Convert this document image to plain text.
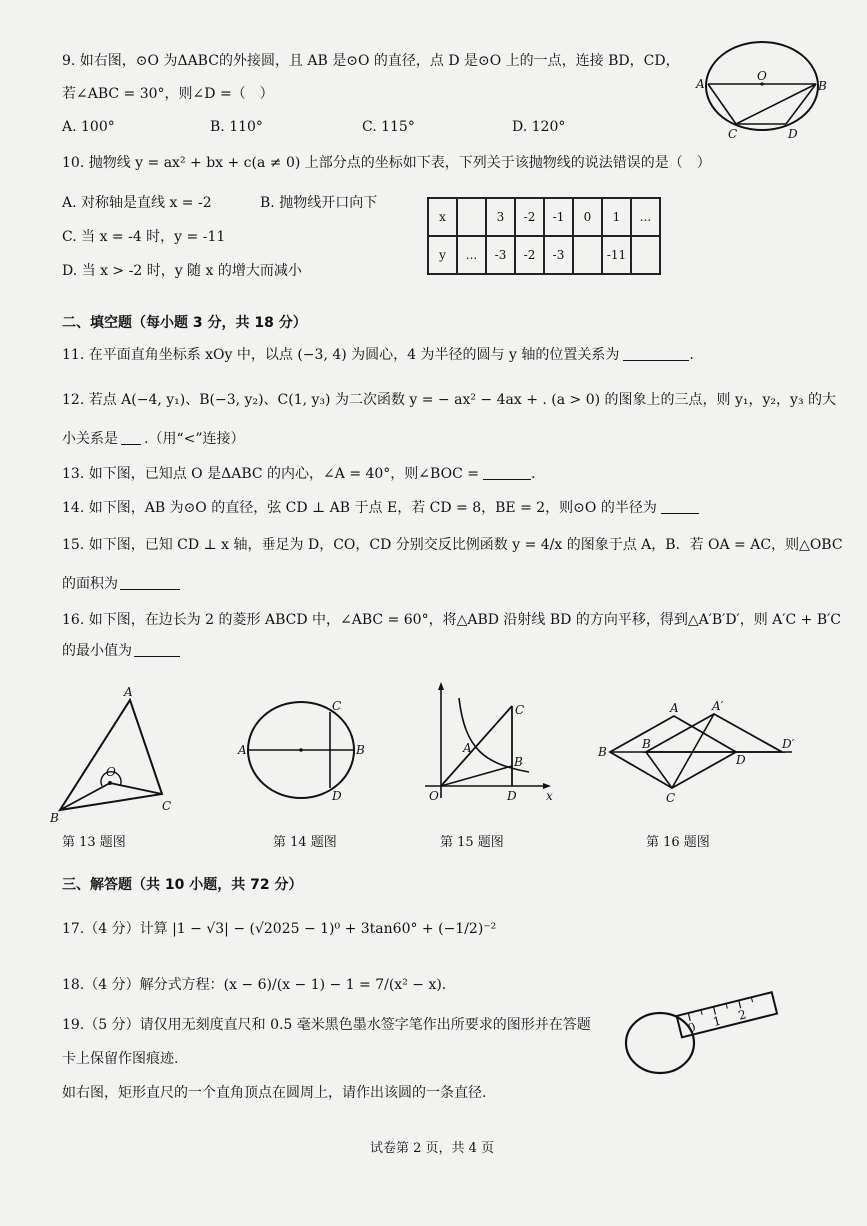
9. 如右图，⊙O 为ΔABC的外接圆，且 AB 是⊙O 的直径，点 D 是⊙O 上的一点，连接 BD，CD，
若∠ABC = 30°，则∠D =（　）
A. 100°	B. 110°	C. 115°	D. 120°
A
O
B
C	D
10. 抛物线 y = ax² + bx + c(a ≠ 0) 上部分点的坐标如下表，下列关于该抛物线的说法错误的是（　）
A. 对称轴是直线 x = -2	B. 抛物线开口向下
C. 当 x = -4 时，y = -11
D. 当 x > -2 时，y 随 x 的增大而减小
x		3	-2	-1	0	1	...
y	...	-3	-2	-3		-11	
二、填空题（每小题 3 分，共 18 分）
11. 在平面直角坐标系 xOy 中，以点 (−3, 4) 为圆心，4 为半径的圆与 y 轴的位置关系为	.
12. 若点 A(−4, y₁)、B(−3, y₂)、C(1, y₃) 为二次函数 y = − ax² − 4ax + . (a > 0) 的图象上的三点，则 y₁，y₂，y₃ 的大
小关系是 .（用“<”连接）
13. 如下图，已知点 O 是ΔABC 的内心，∠A = 40°，则∠BOC =	.
14. 如下图，AB 为⊙O 的直径，弦 CD ⊥ AB 于点 E，若 CD = 8，BE = 2，则⊙O 的半径为
15. 如下图，已知 CD ⊥ x 轴，垂足为 D，CO，CD 分别交反比例函数 y = 4/x 的图象于点 A，B．若 OA = AC，则△OBC
的面积为
16. 如下图，在边长为 2 的菱形 ABCD 中，∠ABC = 60°，将△ABD 沿射线 BD 的方向平移，得到△A′B′D′，则 A′C + B′C
的最小值为
A
O
B
C
第 13 题图
A	B
C
D
第 14 题图
C
A
B
O	D x
第 15 题图
A	A′
B
B
D
D′
C
第 16 题图
三、解答题（共 10 小题，共 72 分）
17.（4 分）计算 |1 − √3| − (√2025 − 1)⁰ + 3tan60° + (−1/2)⁻²
18.（4 分）解分式方程：(x − 6)/(x − 1) − 1 = 7/(x² − x).
19.（5 分）请仅用无刻度直尺和 0.5 毫米黑色墨水签字笔作出所要求的图形并在答题
卡上保留作图痕迹.
如右图，矩形直尺的一个直角顶点在圆周上，请作出该圆的一条直径.
0 1 2
试卷第 2 页，共 4 页
